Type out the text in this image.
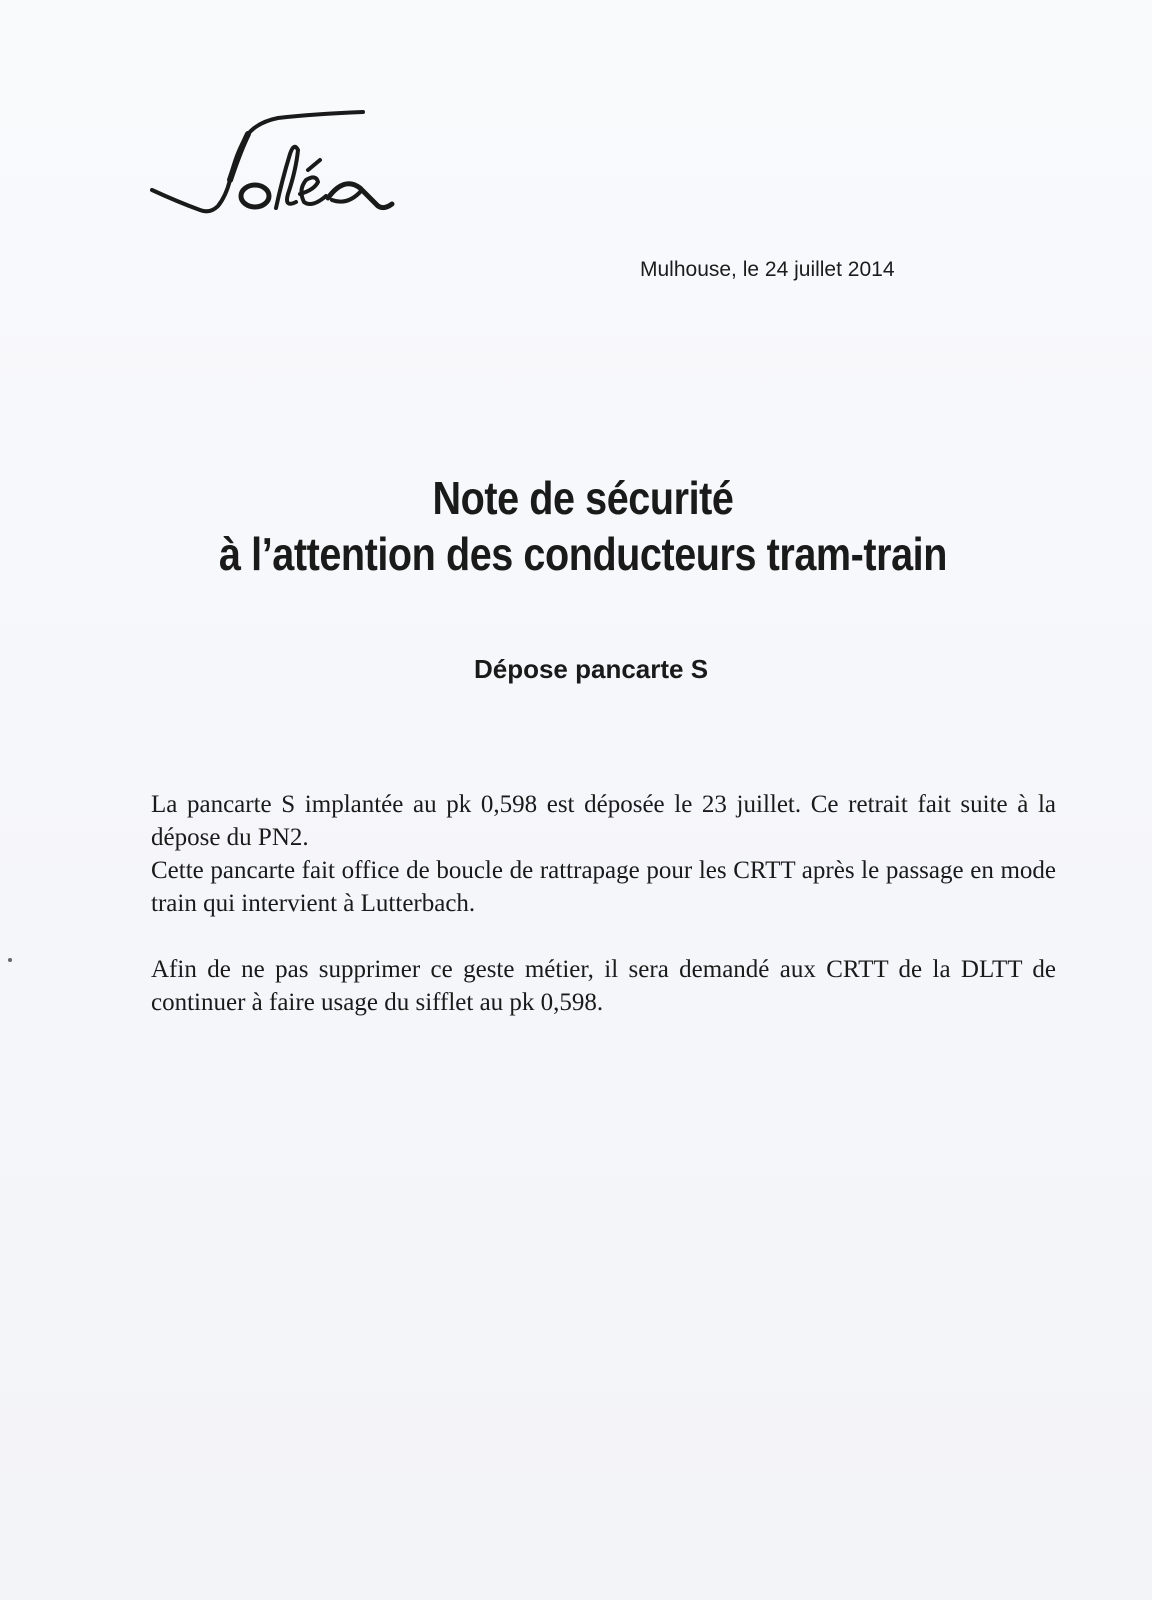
Mulhouse, le 24 juillet 2014
Note de sécurité
à l’attention des conducteurs tram-train
Dépose pancarte S

La pancarte S implantée au pk 0,598 est déposée le 23 juillet. Ce retrait fait suite à la dépose du PN2.

Cette pancarte fait office de boucle de rattrapage pour les CRTT après le passage en mode train qui intervient à Lutterbach.

Afin de ne pas supprimer ce geste métier, il sera demandé aux CRTT de la DLTT de continuer à faire usage du sifflet au pk 0,598.
